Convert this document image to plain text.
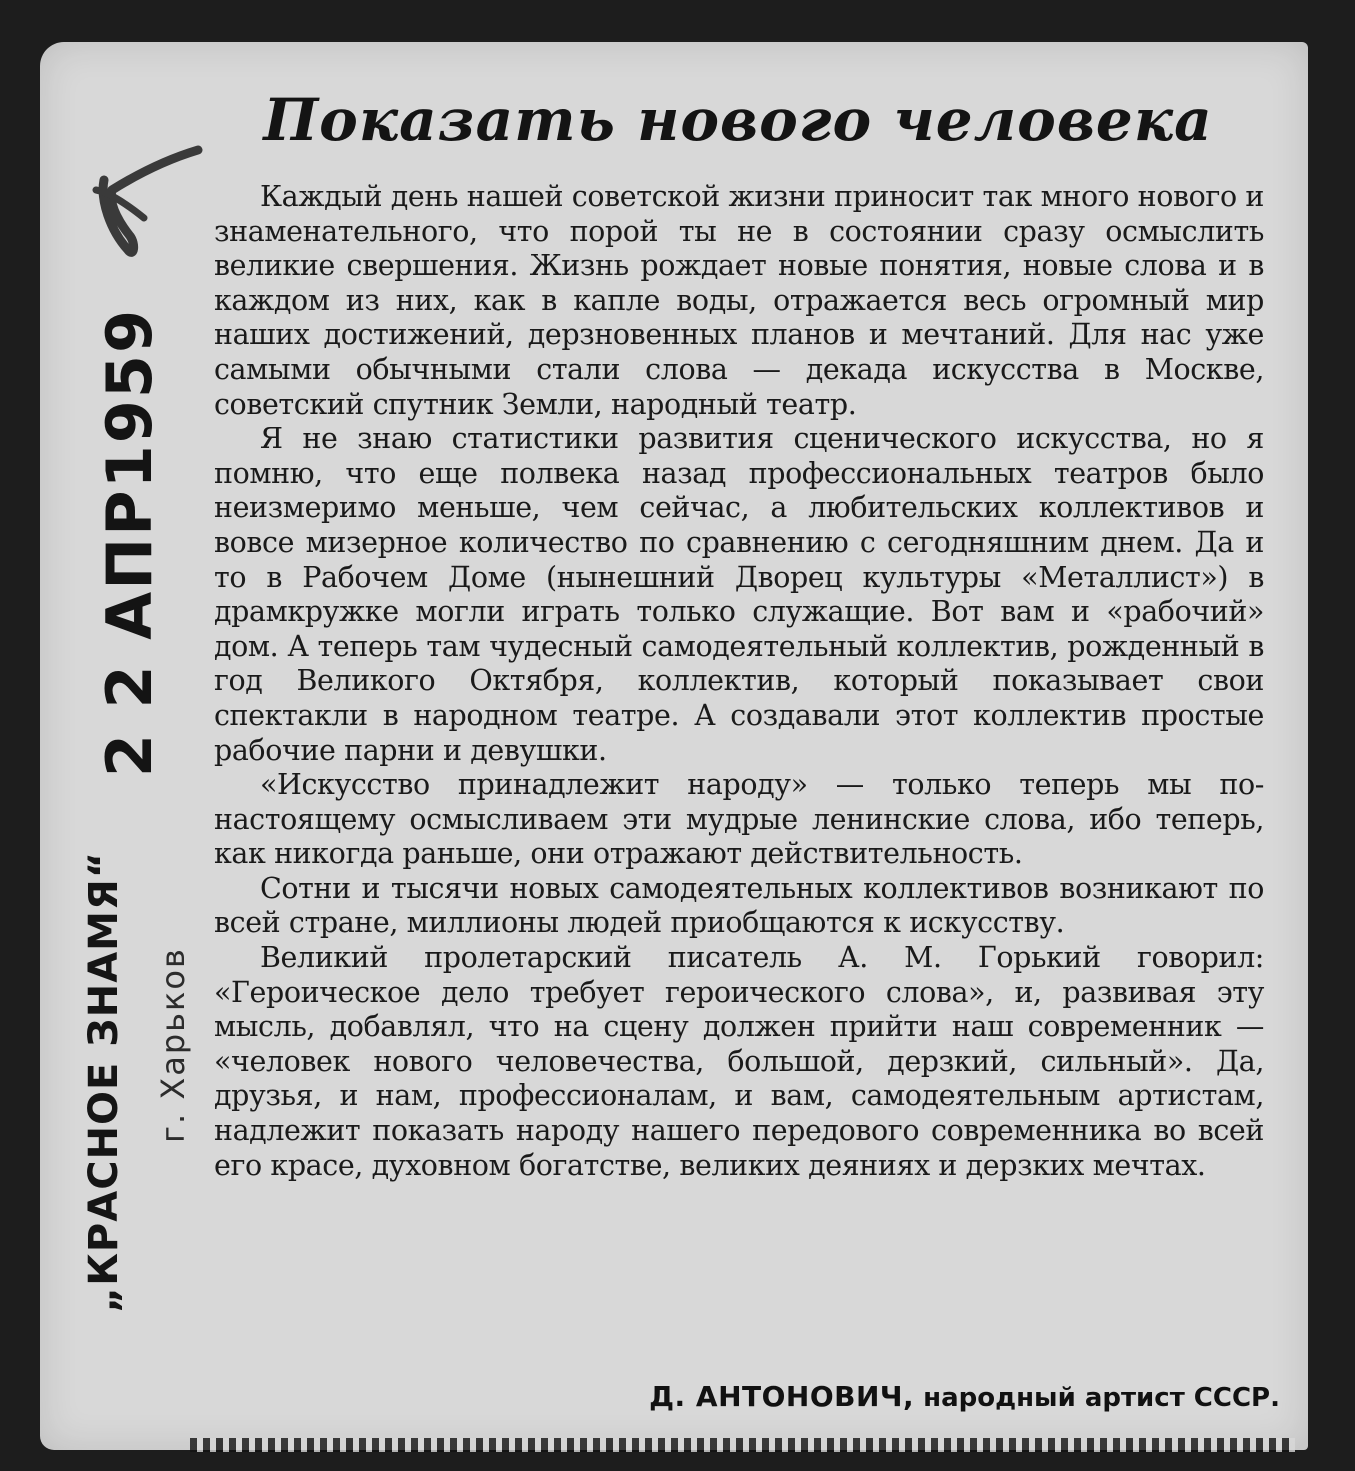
2 2 АПР1959
„КРАСНОЕ ЗНАМЯ“ г. Харьков
Показать нового человека

Каждый день нашей советской жизни приносит так много нового и знаменательного, что порой ты не в состоянии сразу осмыслить великие свершения. Жизнь рождает новые понятия, новые слова и в каждом из них, как в капле воды, отражается весь огромный мир наших достижений, дерзновенных планов и мечтаний. Для нас уже самыми обычными стали слова — декада искусства в Москве, советский спутник Земли, народный театр.

Я не знаю статистики развития сценического искусства, но я помню, что еще полвека назад профессиональных театров было неизмеримо меньше, чем сейчас, а любительских коллективов и вовсе мизерное количество по сравнению с сегодняшним днем. Да и то в Рабочем Доме (нынешний Дворец культуры «Металлист») в драмкружке могли играть только служащие. Вот вам и «рабочий» дом. А теперь там чудесный самодеятельный коллектив, рожденный в год Великого Октября, коллектив, который показывает свои спектакли в народном театре. А создавали этот коллектив простые рабочие парни и девушки.

«Искусство принадлежит народу» — только теперь мы по-настоящему осмысливаем эти мудрые ленинские слова, ибо теперь, как никогда раньше, они отражают действительность.

Сотни и тысячи новых самодеятельных коллективов возникают по всей стране, миллионы людей приобщаются к искусству.

Великий пролетарский писатель А. М. Горький говорил: «Героическое дело требует героического слова», и, развивая эту мысль, добавлял, что на сцену должен прийти наш современник — «человек нового человечества, большой, дерзкий, сильный». Да, друзья, и нам, профессионалам, и вам, самодеятельным артистам, надлежит показать народу нашего передового современника во всей его красе, духовном богатстве, великих деяниях и дерзких мечтах.

Д. АНТОНОВИЧ, народный артист СССР.
